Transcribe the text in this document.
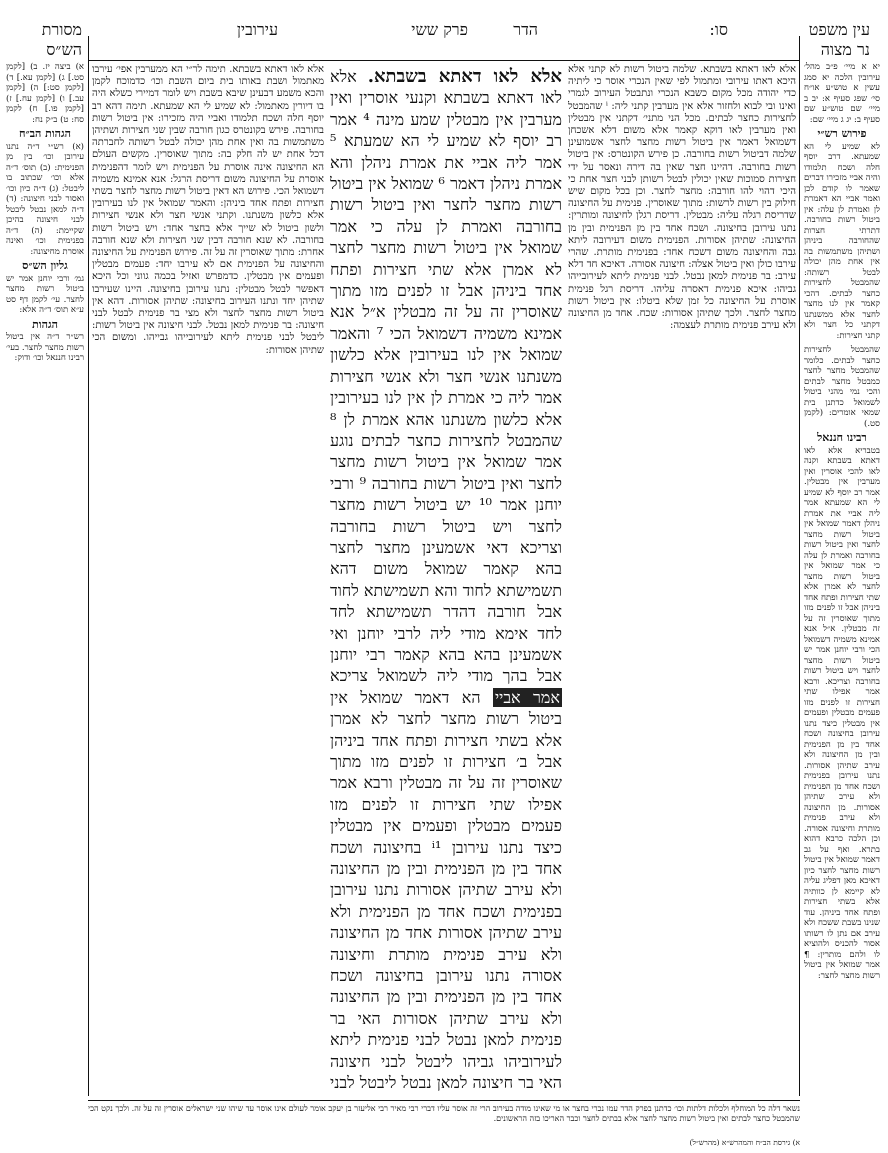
עין משפט
נר מצוה
סו:
הדר
פרק ששי
עירובין
מסורת
הש״ס

יא א מיי׳ פ״ב מהל׳ עירובין הלכה יא סמג עשין א טוש״ע או״ח סי׳ שפג סעיף א: יב ב מיי׳ שם טוש״ע שם סעיף ב: יג ג מיי׳ שם:

פירוש רש״י

לא שמיע לי הא שמעתא. דרב יוסף חלה ושכח תלמודו והיה אביי מזכירו דברים שאמר לו קודם לכן ואמר אביי הא דאמרת לן ואמרת לן עלה: אין ביטול רשות בחורבה. דתרתי חצרות שהחורבה ביניהן ושתיהן משתמשות בה אין אחת מהן יכולה לבטל רשותה: שהמבטל לחצירות כחצר לבתים. דהכי קאמר אין לנו מחצר לחצר אלא ממשנתנו דקתני כל חצר ולא קתני חצירות:

שהמבטל לחצירות כחצר לבתים. כלומר שהמבטל מחצר לחצר כמבטל מחצר לבתים והכי נמי מהני ביטול לשמואל כדתנן בית שמאי אומרים: (לקמן סט.)

רבינו חננאל

בטבריא אלא לאו דאתא בשבתא וקנה לאו להכי אוסרין ואין מערבין אין מבטלין. אמר רב יוסף לא שמיע לי הא שמעתא אמר ליה אביי את אמרת ניהלן דאמר שמואל אין ביטול רשות מחצר לחצר ואין ביטול רשות בחורבה ואמרת לן עלה כי אמר שמואל אין ביטול רשות מחצר לחצר לא אמרן אלא שתי חצירות ופתח אחד ביניהן אבל זו לפנים מזו מתוך שאוסרין זה על זה מבטלין. א״ל אנא אמינא משמיה דשמואל הכי ורבי יוחנן אמר יש ביטול רשות מחצר לחצר ויש ביטול רשות בחורבה וצריכא. ורבא אמר אפילו שתי חצירות זו לפנים מזו פעמים מבטלין ופעמים אין מבטלין כיצד נתנו עירובן בחיצונה ושכח אחד בין מן הפנימית ובין מן החיצונה ולא עירב שתיהן אסורות. נתנו עירובן בפנימית ושכח אחד מן הפנימית ולא עירב שתיהן אסורות. מן החיצונה ולא עירב פנימית מותרת וחיצונה אסורה. וכן הלכה כרבא דהוא בתרא. ואף על גב דאמר שמואל אין ביטול רשות מחצר לחצר כיון דאיכא מאן דפליג עליה לא קיימא לן כוותיה אלא בשתי חצירות ופתח אחד ביניהן. עוד שנינו בשבת ששכח ולא עירב אם נתן לו רשותו אסור להכניס ולהוציא לו ולהם מותרין: ¶ אמר שמואל אין ביטול רשות מחצר לחצר:

א) ביצה יז. ב) [לקמן סט.] ג) [לקמן עא.] ד) [לקמן סט:] ה) [לקמן עב.] ו) [לקמן עח.] ז) [לקמן פו.] ח) לקמן סח: ט) ב״ק נח:

הגהות הב״ח

(א) רש״י ד״ה נתנו עירובן וכו׳ בין מן הפנימית: (ב) תוס׳ ד״ה אלא וכו׳ שכתוב בו ליבטל: (ג) ד״ה כיון וכו׳ ואסור לבני חיצונה: (ד) ד״ה למאן נבטל ליבטל לבני חיצונה בהיכן שקיימת: (ה) ד״ה בפנימית וכו׳ ואינה אוסרת מחיצונה:

גליון הש״ס

גמ׳ ורבי יוחנן אמר יש ביטול רשות מחצר לחצר. עי׳ לקמן דף סט ע״א תוס׳ ד״ה אלא:

הגהות

רש״ר ד״ה אין ביטול רשות מחצר לחצר. בעי׳ רבינו חננאל וכו׳ ודוק:

אלא לאו דאתא בשבתא. תימה לר״י הא ממערבין אפי׳ עירבו מאתמול ושבת באותו בית ביום השבת וכו׳ כדמוכח לקמן והכא משמע דבעינן שיבא בשבת ויש לומר דמיירי כשלא היה בו דיורין מאתמול: לא שמיע לי הא שמעתא. תימה דהא רב יוסף חלה ושכח תלמודו ואביי היה מזכירו: אין ביטול רשות בחורבה. פירש בקונטרס כגון חורבה שבין שני חצירות ושתיהן משתמשות בה ואין אחת מהן יכולה לבטל רשותה לחברתה דכל אחת יש לה חלק בה: מתוך שאוסרין. מקשים העולם הא החיצונה אינה אוסרת על הפנימית ויש לומר דהפנימית אוסרת על החיצונה משום דריסת הרגל: אנא אמינא משמיה דשמואל הכי. פירוש הא דאין ביטול רשות מחצר לחצר בשתי חצירות ופתח אחד ביניהן: והאמר שמואל אין לנו בעירובין אלא כלשון משנתנו. וקתני אנשי חצר ולא אנשי חצירות ולשון ביטול לא שייך אלא בחצר אחד: ויש ביטול רשות בחורבה. לא שנא חורבה דבין שני חצירות ולא שנא חורבה אחרת: מתוך שאוסרין זה על זה. פירוש הפנימית על החיצונה והחיצונה על הפנימית אם לא עירבו יחד: פעמים מבטלין ופעמים אין מבטלין. כדמפרש ואזיל בכמה גווני וכל היכא דאפשר לבטל מבטלין: נתנו עירובן בחיצונה. היינו שעירבו שתיהן יחד ונתנו העירוב בחיצונה: שתיהן אסורות. דהא אין ביטול רשות מחצר לחצר ולא מצי בר פנימית לבטל לבני חיצונה: בר פנימית למאן נבטל. לבני חיצונה אין ביטול רשות: ליבטל לבני פנימית ליתא לעירובייהו גבייהו. ומשום הכי שתיהן אסורות:

אלא לאו דאתא בשבתא. שלמה ביטול רשות לא קתני אלא היכא דאתו עירובי ומתמול לפי שאין הנכרי אוסר כי ליתיה כדי יהודה מכל מקום כשבא הנכרי ונתבטל העירוב לגמרי ואינו ובי לבוא ולחזור אלא אין מערבין קתני ליה: ⁱ שהמבטל לחצירות כחצר לבתים. מכל הני מתני׳ דקתני אין מבטלין ואין מערבין לאו דוקא קאמר אלא משום דלא אשכחן דשמואל דאמר אין ביטול רשות מחצר לחצר אשמועינן שלמה דביטול רשות בחורבה. כן פירש הקונטרס: אין ביטול רשות בחורבה. דהיינו חצר שאין בה דירה ונאסר על ידי חצירות סמוכות שאין יכולין לבטל רשותן לבני חצר אחת כי היכי דהוי להו חורבה: מחצר לחצר. וכן בכל מקום שיש חילוק בין רשות לרשות: מתוך שאוסרין. פנימית על החיצונה שדריסת רגלה עליה: מבטלין. דריסת רגלן לחיצונה ומותרין: נתנו עירובן בחיצונה. ושכח אחד בין מן הפנימית ובין מן החיצונה: שתיהן אסורות. הפנימית משום דעירובה ליתא גבה והחיצונה משום דשכח אחד: בפנימית מותרת. שהרי עירבו כולן ואין ביטול אצלה: חיצונה אסורה. דאיכא חד דלא עירב: בר פנימית למאן נבטל. לבני פנימית ליתא לעירובייהו גביהו: איכא פנימית דאסרה עליהו. דריסת רגל פנימית אוסרת על החיצונה כל זמן שלא ביטלו: אין ביטול רשות מחצר לחצר. ולכך שתיהן אסורות: שכח. אחד מן החיצונה ולא עירב פנימית מותרת לעצמה:

אלא לאו דאתא בשבתא. אלא לאו דאתא בשבתא וקנעי אוסרין ואין מערבין אין מבטלין שמע מינה ⁴ אמר רב יוסף לא שמיע לי הא שמעתא ⁵ אמר ליה אביי את אמרת ניהלן והא אמרת ניהלן דאמר ⁶ שמואל אין ביטול רשות מחצר לחצר ואין ביטול רשות בחורבה ואמרת לן עלה כי אמר שמואל אין ביטול רשות מחצר לחצר לא אמרן אלא שתי חצירות ופתח אחד ביניהן אבל זו לפנים מזו מתוך שאוסרין זה על זה מבטלין א״ל אנא אמינא משמיה דשמואל הכי ⁷ והאמר שמואל אין לנו בעירובין אלא כלשון משנתנו אנשי חצר ולא אנשי חצירות אמר ליה כי אמרת לן אין לנו בעירובין אלא כלשון משנתנו אהא אמרת לן ⁸ שהמבטל לחצירות כחצר לבתים נוגע אמר שמואל אין ביטול רשות מחצר לחצר ואין ביטול רשות בחורבה ⁹ ורבי יוחנן אמר ¹⁰ יש ביטול רשות מחצר לחצר ויש ביטול רשות בחורבה וצריכא דאי אשמעינן מחצר לחצר בהא קאמר שמואל משום דהא תשמישתא לחוד והא תשמישתא לחוד אבל חורבה דהדר תשמישתא לחד לחד אימא מודי ליה לרבי יוחנן ואי אשמעינן בהא בהא קאמר רבי יוחנן אבל בהך מודי ליה לשמואל צריכא אמר אביי הא דאמר שמואל אין ביטול רשות מחצר לחצר לא אמרן אלא בשתי חצירות ופתח אחד ביניהן אבל ב׳ חצירות זו לפנים מזו מתוך שאוסרין זה על זה מבטלין ורבא אמר אפילו שתי חצירות זו לפנים מזו פעמים מבטלין ופעמים אין מבטלין כיצד נתנו עירובן ⁱ¹ בחיצונה ושכח אחד בין מן הפנימית ובין מן החיצונה ולא עירב שתיהן אסורות נתנו עירובן בפנימית ושכח אחד מן הפנימית ולא עירב שתיהן אסורות אחד מן החיצונה ולא עירב פנימית מותרת וחיצונה אסורה נתנו עירובן בחיצונה ושכח אחד בין מן הפנימית ובין מן החיצונה ולא עירב שתיהן אסורות האי בר פנימית למאן נבטל לבני פנימית ליתא לעירוביהו גביהו ליבטל לבני חיצונה האי בר חיצונה למאן נבטל ליבטל לבני
נשאר דלה כל המוחלף ולכלות דלתות וכו׳ כדתנן בפרק הדר עמו נכרי בחצר או מי שאינו מודה בעירוב הרי זה אוסר עליו דברי רבי מאיר רבי אליעזר בן יעקב אומר לעולם אינו אוסר עד שיהו שני ישראלים אוסרין זה על זה. ולכך נקט הכי שהמבטל כחצר לבתים ואין ביטול רשות מחצר לחצר אלא בבתים לחצר וכבר האריכו בזה הראשונים.
א) גירסת הב״ח והמהרש״א (מהרש״ל)
